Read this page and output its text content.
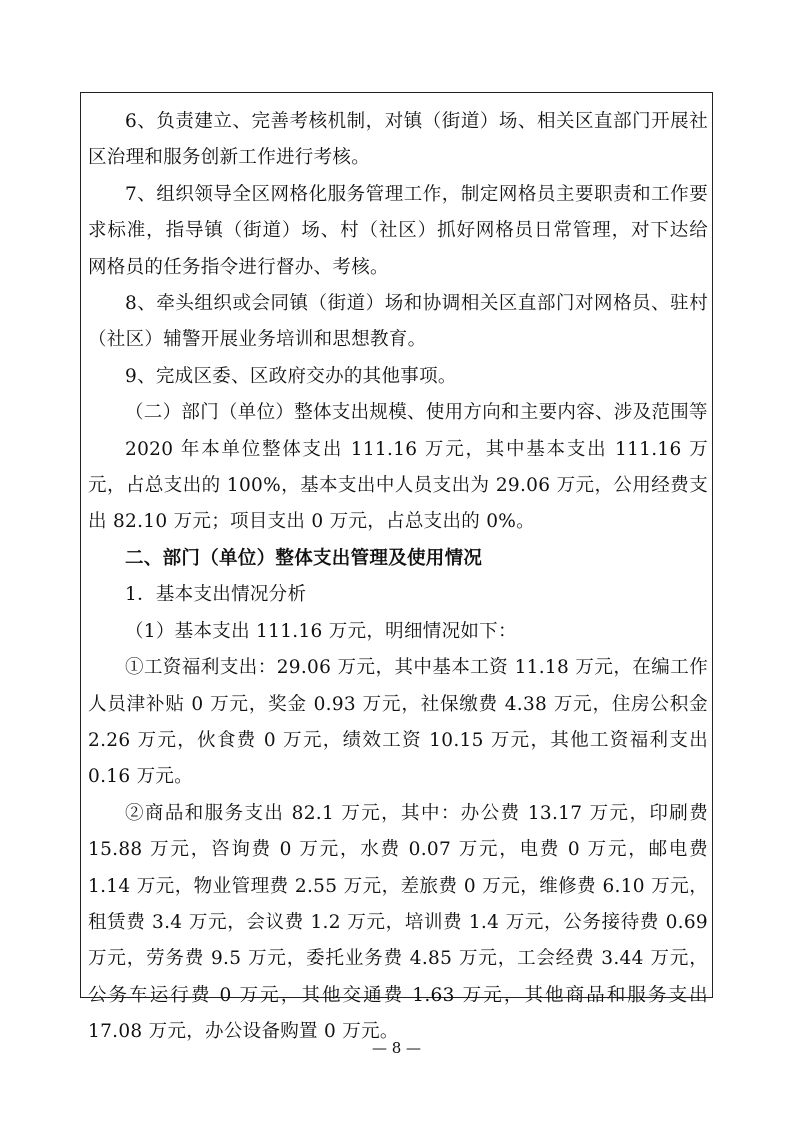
6、负责建立、完善考核机制，对镇（街道）场、相关区直部门开展社区治理和服务创新工作进行考核。

7、组织领导全区网格化服务管理工作，制定网格员主要职责和工作要求标准，指导镇（街道）场、村（社区）抓好网格员日常管理，对下达给网格员的任务指令进行督办、考核。

8、牵头组织或会同镇（街道）场和协调相关区直部门对网格员、驻村（社区）辅警开展业务培训和思想教育。

9、完成区委、区政府交办的其他事项。

（二）部门（单位）整体支出规模、使用方向和主要内容、涉及范围等

2020 年本单位整体支出 111.16 万元，其中基本支出 111.16 万元，占总支出的 100%，基本支出中人员支出为 29.06 万元，公用经费支出 82.10 万元；项目支出 0 万元，占总支出的 0%。

二、部门（单位）整体支出管理及使用情况

1．基本支出情况分析

（1）基本支出 111.16 万元，明细情况如下：

①工资福利支出：29.06 万元，其中基本工资 11.18 万元，在编工作人员津补贴 0 万元，奖金 0.93 万元，社保缴费 4.38 万元，住房公积金 2.26 万元，伙食费 0 万元，绩效工资 10.15 万元，其他工资福利支出 0.16 万元。

②商品和服务支出 82.1 万元，其中：办公费 13.17 万元，印刷费 15.88 万元，咨询费 0 万元，水费 0.07 万元，电费 0 万元，邮电费 1.14 万元，物业管理费 2.55 万元，差旅费 0 万元，维修费 6.10 万元，租赁费 3.4 万元，会议费 1.2 万元，培训费 1.4 万元，公务接待费 0.69 万元，劳务费 9.5 万元，委托业务费 4.85 万元，工会经费 3.44 万元，公务车运行费 0 万元，其他交通费 1.63 万元，其他商品和服务支出 17.08 万元，办公设备购置 0 万元。

— 8 —
